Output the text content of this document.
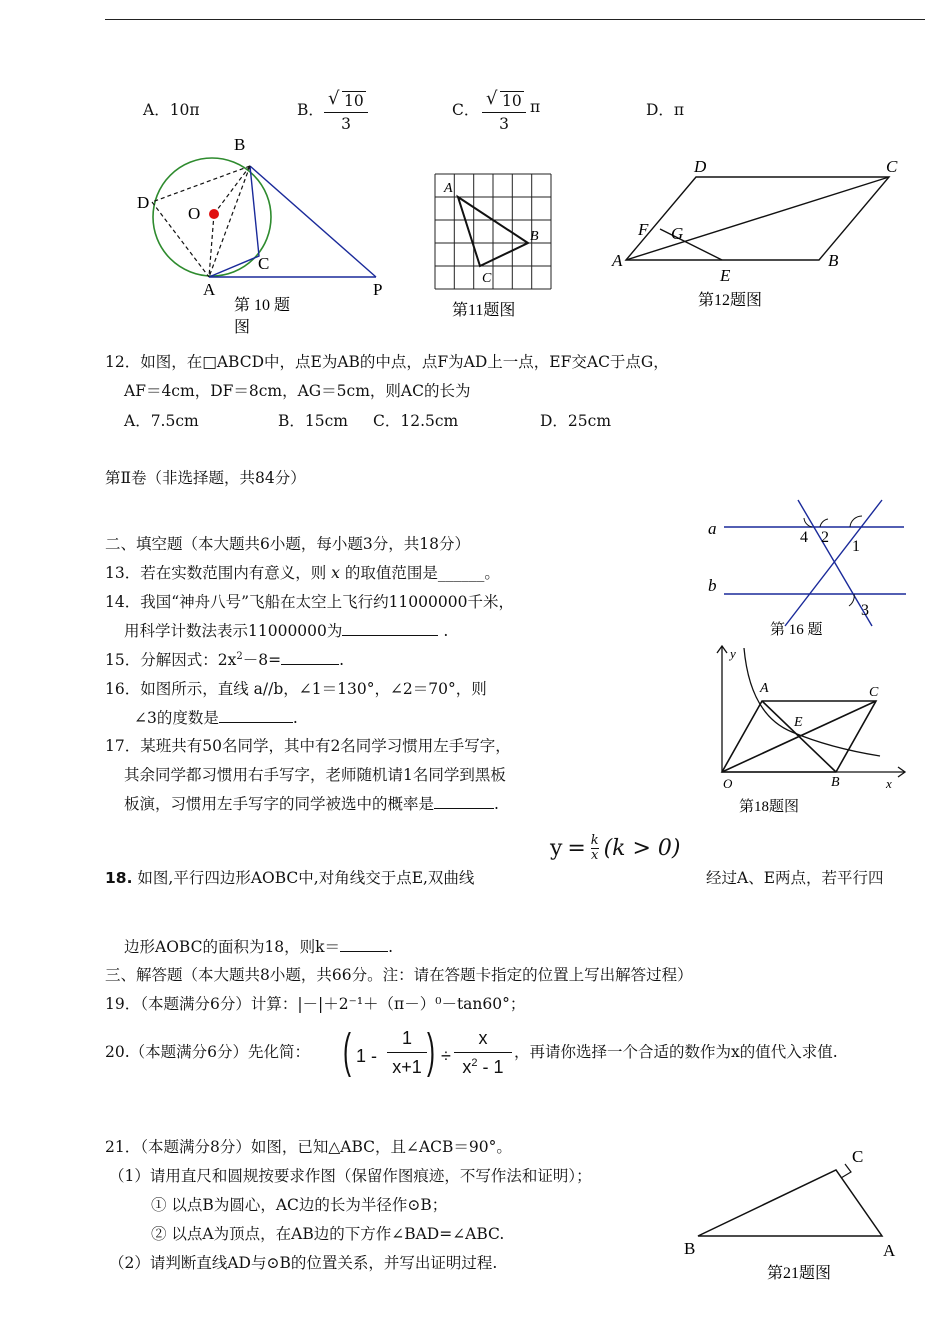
A．10π	B．
√ 10
3
C．
√ 10
3
π	D．π
B
D
O
C
A	P
第 10 题
图
A
B
C
第11题图
D	C
F G
A
E
B
第12题图
12．如图，在□ABCD中，点E为AB的中点，点F为AD上一点，EF交AC于点G，
AF＝4cm，DF＝8cm，AG＝5cm，则AC的长为
A．7.5cm	B．15cm C．12.5cm	D．25cm
第Ⅱ卷（非选择题，共84分）
二、填空题（本大题共6小题，每小题3分，共18分）
13．若在实数范围内有意义，则 x 的取值范围是______。
14．我国“神舟八号”飞船在太空上飞行约11000000千米，
用科学计数法表示11000000为	.
15．分解因式：$2x^2-8=$	.
16．如图所示，直线 a//b，∠1＝130°，∠2＝70°，则
∠3的度数是	.
17．某班共有50名同学，其中有2名同学习惯用左手写字，
其余同学都习惯用右手写字，老师随机请1名同学到黑板
板演，习惯用左手写字的同学被选中的概率是	.
a
b
4 2
1
3
第 16 题
y
x
O
A	C
E
B
第18题图
18. 如图,平行四边形AOBC中,对角线交于点E,双曲线
$y = \frac{k}{x} (k > 0)$
经过A、E两点，若平行四
边形AOBC的面积为18，则k＝	.
三、解答题（本大题共8小题，共66分。注：请在答题卡指定的位置上写出解答过程）
19．（本题满分6分）计算：|－|＋2⁻¹＋（π－）⁰－tan60°；
20.（本题满分6分）先化简： ( $1 - \frac{1}{x+1}$ ) ÷ $\frac{x}{x^2 - 1}$ ，再请你选择一个合适的数作为x的值代入求值.
21．（本题满分8分）如图，已知△ABC，且∠ACB＝90°。
（1）请用直尺和圆规按要求作图（保留作图痕迹，不写作法和证明）；
① 以点B为圆心，AC边的长为半径作⊙B；
② 以点A为顶点，在AB边的下方作∠BAD=∠ABC.
（2）请判断直线AD与⊙B的位置关系，并写出证明过程.
C
B	A
第21题图
